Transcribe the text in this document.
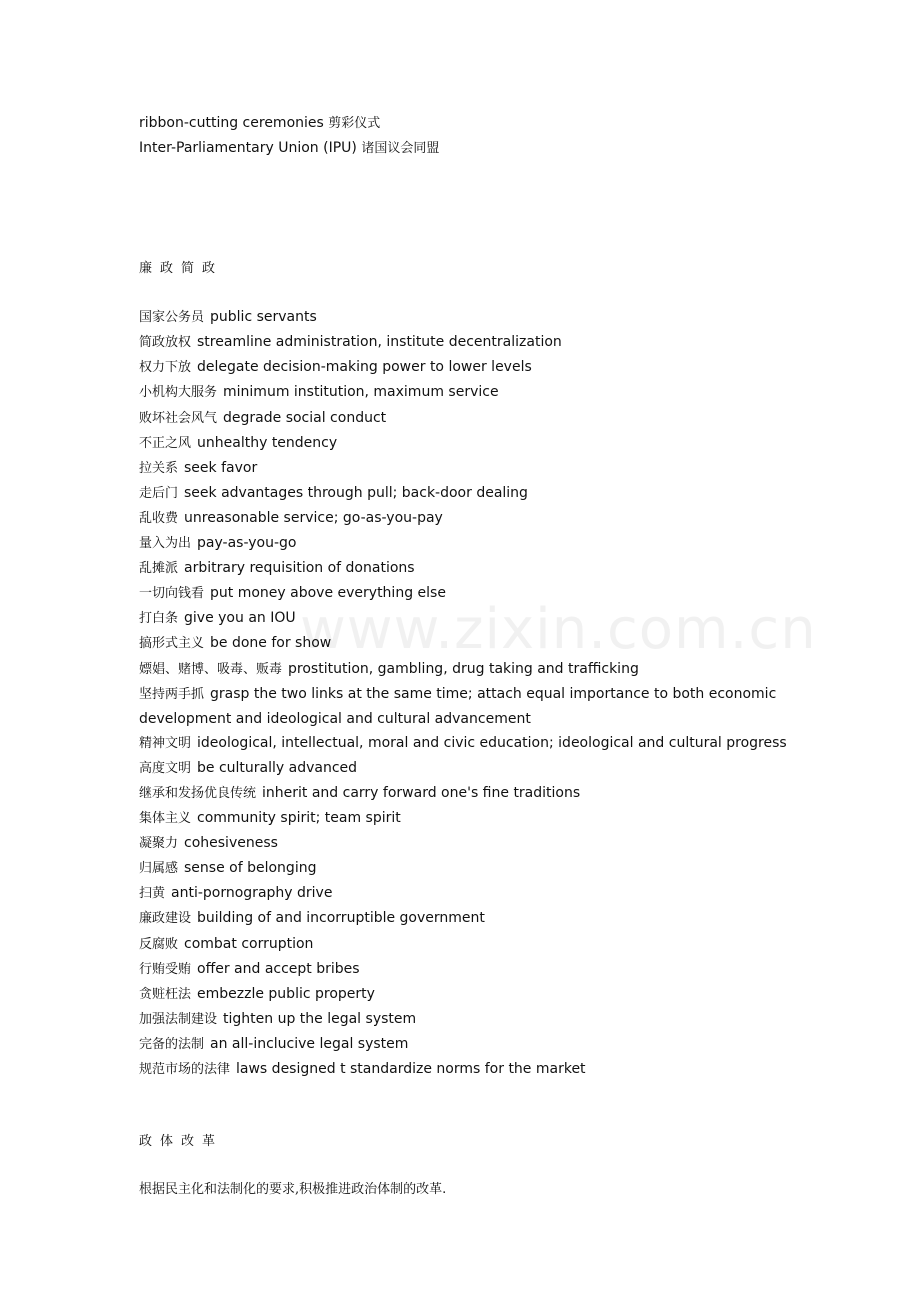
www.zixin.com.cn
ribbon-cutting ceremonies 剪彩仪式
Inter-Parliamentary Union (IPU) 诸国议会同盟
廉政简政
国家公务员 public servants
简政放权 streamline administration, institute decentralization
权力下放 delegate decision-making power to lower levels
小机构大服务 minimum institution, maximum service
败坏社会风气 degrade social conduct
不正之风 unhealthy tendency
拉关系 seek favor
走后门 seek advantages through pull; back-door dealing
乱收费 unreasonable service; go-as-you-pay
量入为出 pay-as-you-go
乱摊派 arbitrary requisition of donations
一切向钱看 put money above everything else
打白条 give you an IOU
搞形式主义 be done for show
嫖娼、赌博、吸毒、贩毒 prostitution, gambling, drug taking and trafficking
坚持两手抓 grasp the two links at the same time; attach equal importance to both economic development and ideological and cultural advancement
精神文明 ideological, intellectual, moral and civic education; ideological and cultural progress
高度文明 be culturally advanced
继承和发扬优良传统 inherit and carry forward one's fine traditions
集体主义 community spirit; team spirit
凝聚力 cohesiveness
归属感 sense of belonging
扫黄 anti-pornography drive
廉政建设 building of and incorruptible government
反腐败 combat corruption
行贿受贿 offer and accept bribes
贪赃枉法 embezzle public property
加强法制建设 tighten up the legal system
完备的法制 an all-inclucive legal system
规范市场的法律 laws designed t standardize norms for the market
政体改革
根据民主化和法制化的要求,积极推进政治体制的改革.
